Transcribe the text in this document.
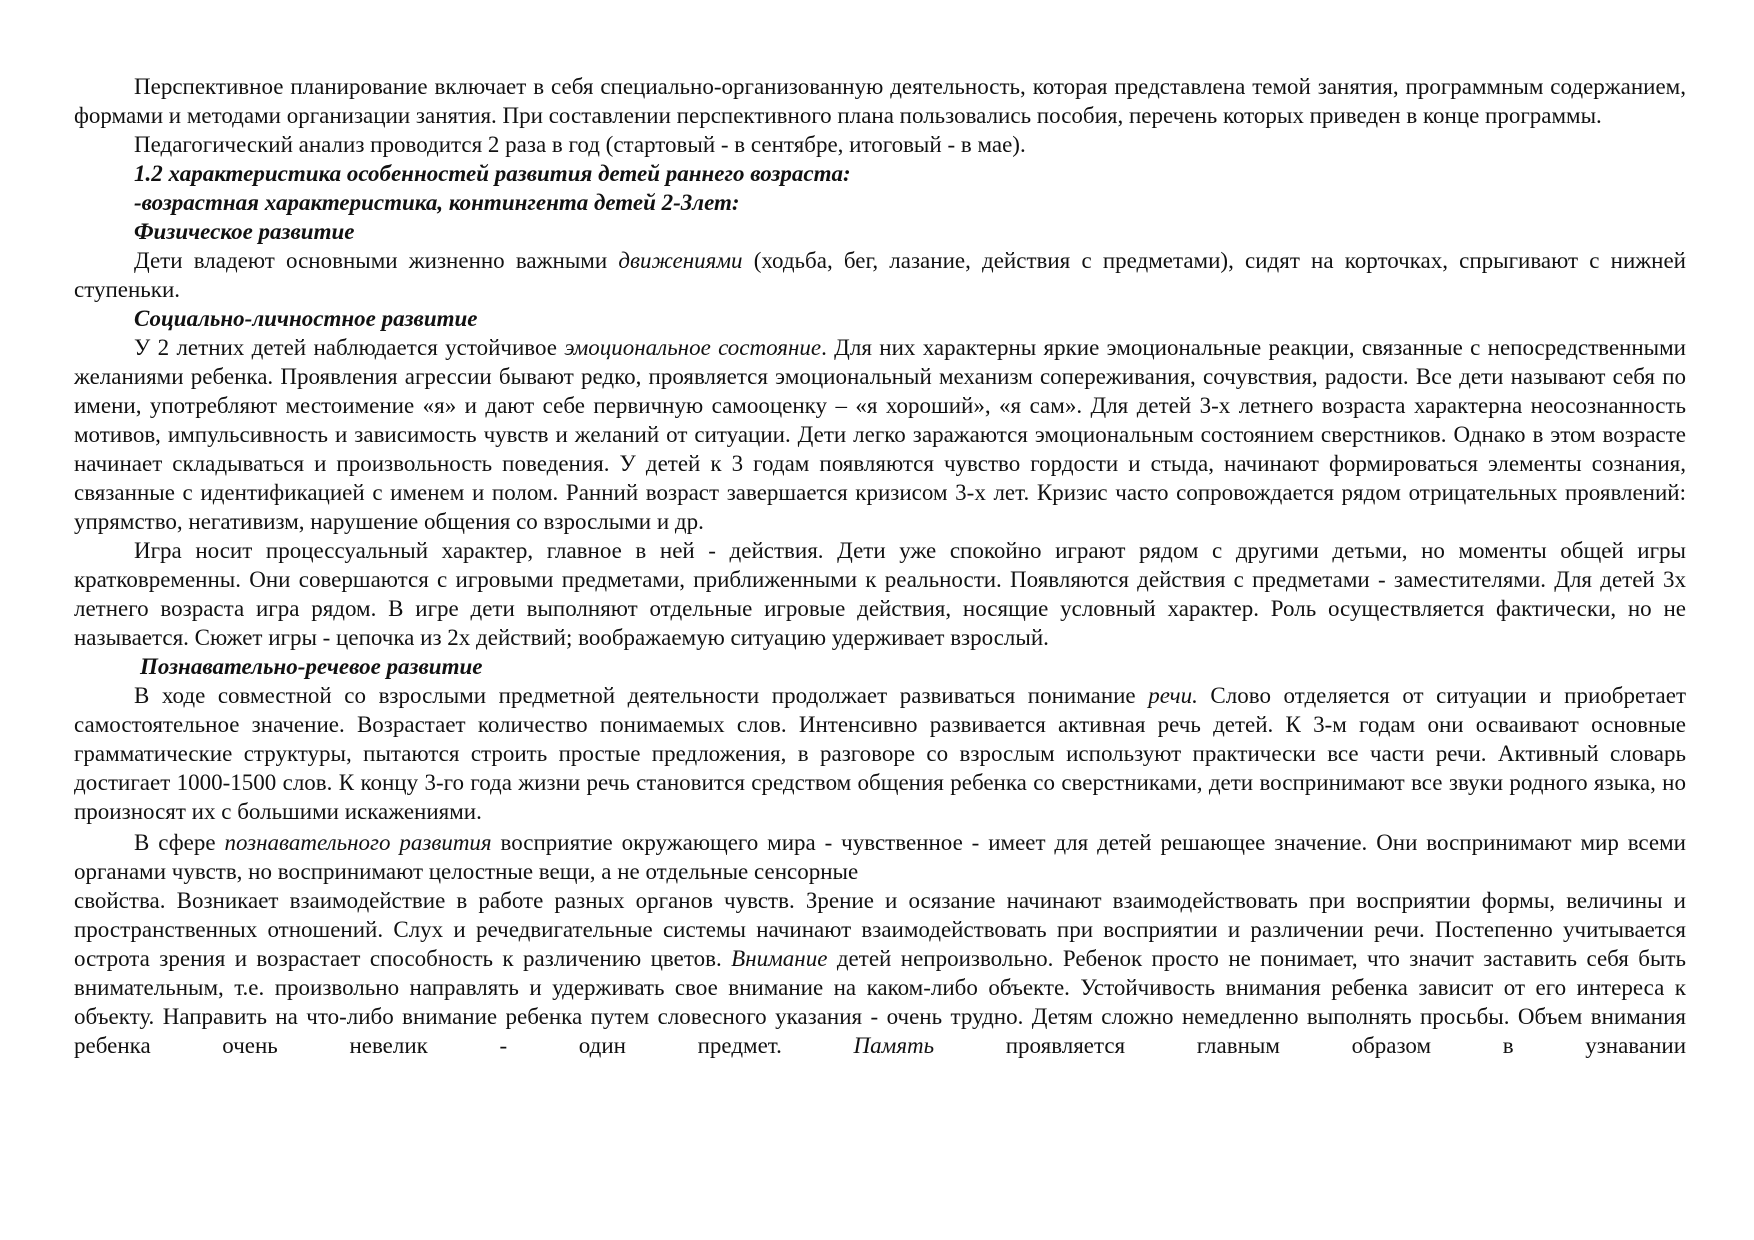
Перспективное планирование включает в себя специально-организованную деятельность, которая представлена темой занятия, программным содержанием, формами и методами организации занятия. При составлении перспективного плана пользовались пособия, перечень которых приведен в конце программы.

Педагогический анализ проводится 2 раза в год (стартовый - в сентябре, итоговый - в мае).

1.2 характеристика особенностей развития детей раннего возраста:

-возрастная характеристика, контингента детей 2-3лет:

Физическое развитие

Дети владеют основными жизненно важными движениями (ходьба, бег, лазание, действия с предметами), сидят на корточках, спрыгивают с нижней ступеньки.

Социально-личностное развитие

У 2 летних детей наблюдается устойчивое эмоциональное состояние. Для них характерны яркие эмоциональные реакции, связанные с непосредственными желаниями ребенка. Проявления агрессии бывают редко, проявляется эмоциональный механизм сопереживания, сочувствия, радости. Все дети называют себя по имени, употребляют местоимение «я» и дают себе первичную самооценку – «я хороший», «я сам». Для детей 3-х летнего возраста характерна неосознанность мотивов, импульсивность и зависимость чувств и желаний от ситуации. Дети легко заражаются эмоциональным состоянием сверстников. Однако в этом возрасте начинает складываться и произвольность поведения. У детей к 3 годам появляются чувство гордости и стыда, начинают формироваться элементы сознания, связанные с идентификацией с именем и полом. Ранний возраст завершается кризисом 3-х лет. Кризис часто сопровождается рядом отрицательных проявлений: упрямство, негативизм, нарушение общения со взрослыми и др.

Игра носит процессуальный характер, главное в ней - действия. Дети уже спокойно играют рядом с другими детьми, но моменты общей игры кратковременны. Они совершаются с игровыми предметами, приближенными к реальности. Появляются действия с предметами - заместителями. Для детей 3х летнего возраста игра рядом. В игре дети выполняют отдельные игровые действия, носящие условный характер. Роль осуществляется фактически, но не называется. Сюжет игры - цепочка из 2х действий; воображаемую ситуацию удерживает взрослый.

Познавательно-речевое развитие

В ходе совместной со взрослыми предметной деятельности продолжает развиваться понимание речи. Слово отделяется от ситуации и приобретает самостоятельное значение. Возрастает количество понимаемых слов. Интенсивно развивается активная речь детей. К 3-м годам они осваивают основные грамматические структуры, пытаются строить простые предложения, в разговоре со взрослым используют практически все части речи. Активный словарь достигает 1000-1500 слов. К концу 3-го года жизни речь становится средством общения ребенка со сверстниками, дети воспринимают все звуки родного языка, но произносят их с большими искажениями.

В сфере познавательного развития восприятие окружающего мира - чувственное - имеет для детей решающее значение. Они воспринимают мир всеми органами чувств, но воспринимают целостные вещи, а не отдельные сенсорные

свойства. Возникает взаимодействие в работе разных органов чувств. Зрение и осязание начинают взаимодействовать при восприятии формы, величины и пространственных отношений. Слух и речедвигательные системы начинают взаимодействовать при восприятии и различении речи. Постепенно учитывается острота зрения и возрастает способность к различению цветов. Внимание детей непроизвольно. Ребенок просто не понимает, что значит заставить себя быть внимательным, т.е. произвольно направлять и удерживать свое внимание на каком-либо объекте. Устойчивость внимания ребенка зависит от его интереса к объекту. Направить на что-либо внимание ребенка путем словесного указания - очень трудно. Детям сложно немедленно выполнять просьбы. Объем внимания ребенка очень невелик - один предмет. Память проявляется главным образом в узнавании
